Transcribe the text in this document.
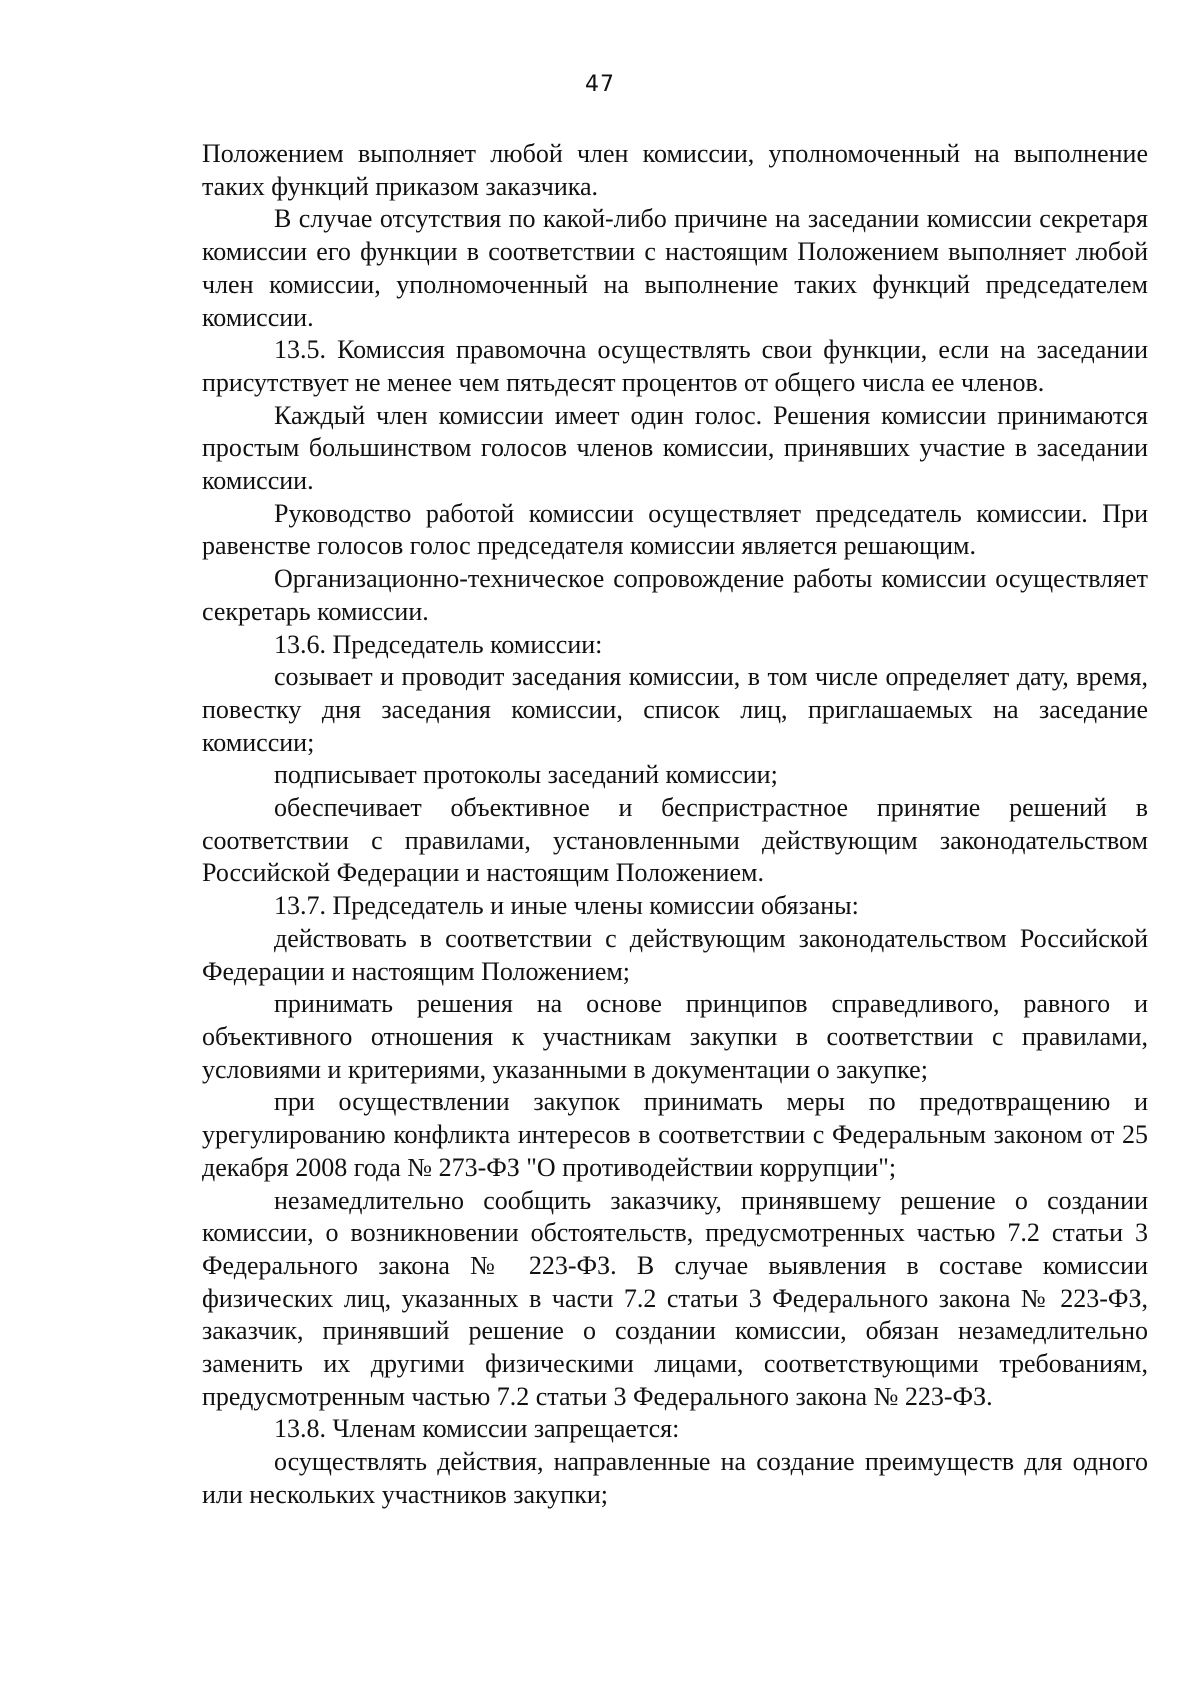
47

Положением выполняет любой член комиссии, уполномоченный на выполнение таких функций приказом заказчика.

В случае отсутствия по какой-либо причине на заседании комиссии секретаря комиссии его функции в соответствии с настоящим Положением выполняет любой член комиссии, уполномоченный на выполнение таких функций председателем комиссии.

13.5. Комиссия правомочна осуществлять свои функции, если на заседании присутствует не менее чем пятьдесят процентов от общего числа ее членов.

Каждый член комиссии имеет один голос. Решения комиссии принимаются простым большинством голосов членов комиссии, принявших участие в заседании комиссии.

Руководство работой комиссии осуществляет председатель комиссии. При равенстве голосов голос председателя комиссии является решающим.

Организационно-техническое сопровождение работы комиссии осуществляет секретарь комиссии.

13.6. Председатель комиссии:

созывает и проводит заседания комиссии, в том числе определяет дату, время, повестку дня заседания комиссии, список лиц, приглашаемых на заседание комиссии;

подписывает протоколы заседаний комиссии;

обеспечивает объективное и беспристрастное принятие решений в соответствии с правилами, установленными действующим законодательством Российской Федерации и настоящим Положением.

13.7. Председатель и иные члены комиссии обязаны:

действовать в соответствии с действующим законодательством Российской Федерации и настоящим Положением;

принимать решения на основе принципов справедливого, равного и объективного отношения к участникам закупки в соответствии с правилами, условиями и критериями, указанными в документации о закупке;

при осуществлении закупок принимать меры по предотвращению и урегулированию конфликта интересов в соответствии с Федеральным законом от 25 декабря 2008 года № 273-ФЗ "О противодействии коррупции";

незамедлительно сообщить заказчику, принявшему решение о создании комиссии, о возникновении обстоятельств, предусмотренных частью 7.2 статьи 3 Федерального закона № 223-ФЗ. В случае выявления в составе комиссии физических лиц, указанных в части 7.2 статьи 3 Федерального закона № 223-ФЗ, заказчик, принявший решение о создании комиссии, обязан незамедлительно заменить их другими физическими лицами, соответствующими требованиям, предусмотренным частью 7.2 статьи 3 Федерального закона № 223-ФЗ.

13.8. Членам комиссии запрещается:

осуществлять действия, направленные на создание преимуществ для одного или нескольких участников закупки;
